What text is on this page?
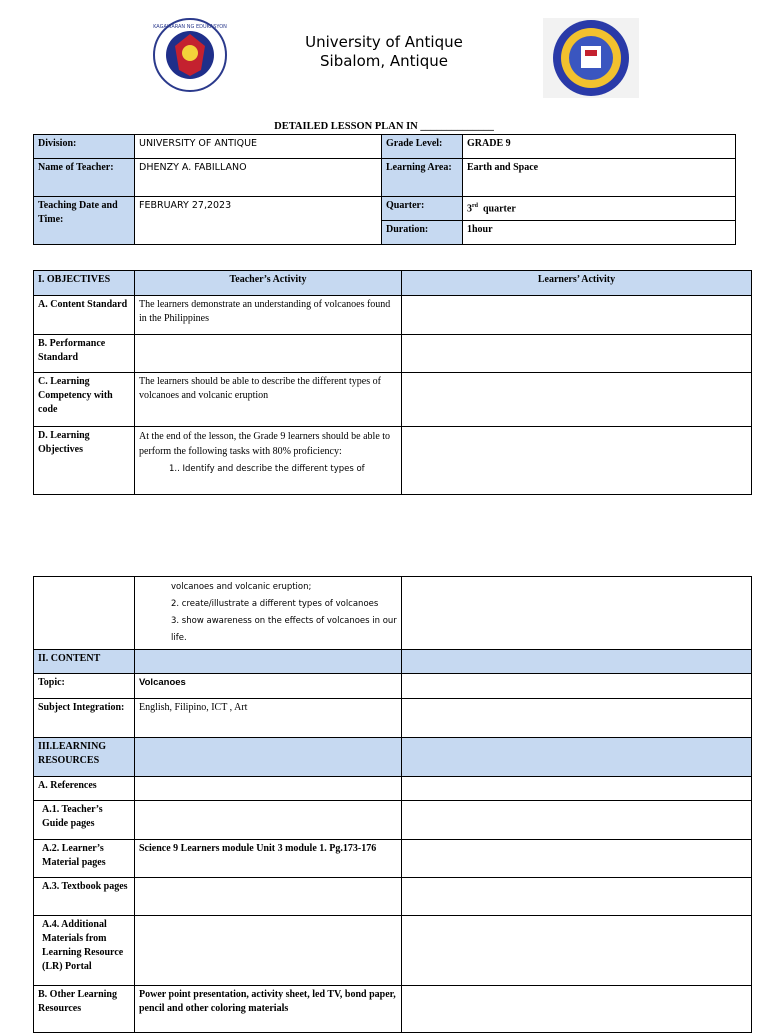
KAGAWARAN NG EDUKASYON
University of Antique
Sibalom, Antique
DETAILED LESSON PLAN IN ______________
Division:	UNIVERSITY OF ANTIQUE	Grade Level:	GRADE 9
Name of Teacher:	DHENZY A. FABILLANO	Learning Area:	Earth and Space
Teaching Date and Time:	FEBRUARY 27,2023	Quarter:	3rd quarter
		Duration:	1hour
I. OBJECTIVES	Teacher’s Activity	Learners’ Activity
A. Content Standard	The learners demonstrate an understanding of volcanoes found in the Philippines	
B. Performance Standard		
C. Learning Competency with code	The learners should be able to describe the different types of volcanoes and volcanic eruption	
D. Learning Objectives	At the end of the lesson, the Grade 9 learners should be able to perform the following tasks with 80% proficiency:
1.. Identify and describe the different types of	

	volcanoes and volcanic eruption;
2. create/illustrate a different types of volcanoes
3. show awareness on the effects of volcanoes in our life.	

II. CONTENT		
Topic:	Volcanoes	
Subject Integration:	English, Filipino, ICT , Art	
III.LEARNING RESOURCES		
A. References		
A.1. Teacher’s Guide pages		
A.2. Learner’s Material pages	Science 9 Learners module Unit 3 module 1. Pg.173-176	
A.3. Textbook pages		
A.4. Additional Materials from Learning Resource (LR) Portal		
B. Other Learning Resources	Power point presentation, activity sheet, led TV, bond paper, pencil and other coloring materials	
